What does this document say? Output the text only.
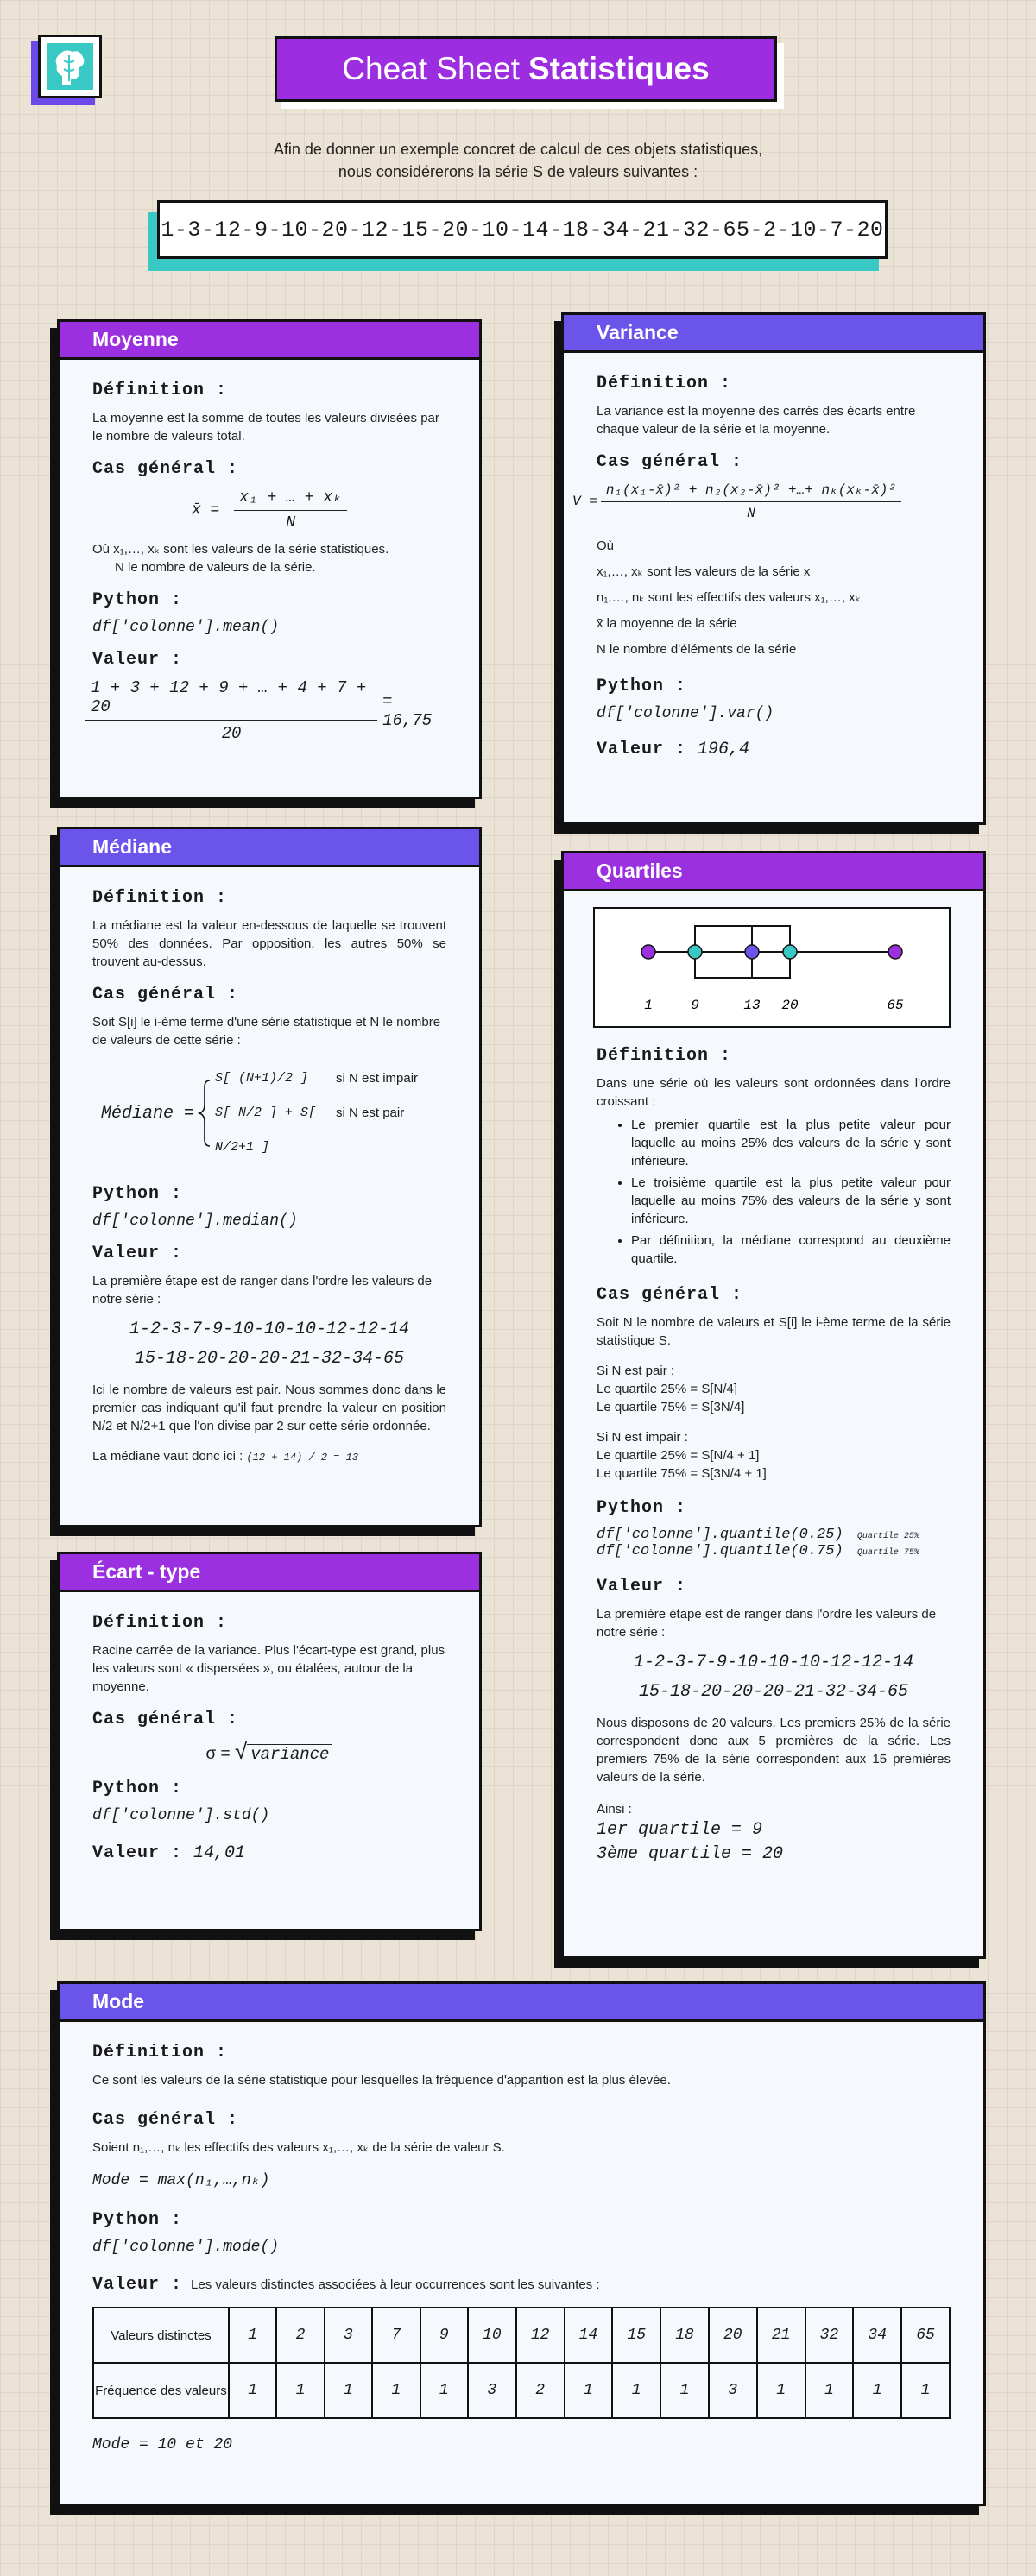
Cheat Sheet Statistiques
Afin de donner un exemple concret de calcul de ces objets statistiques,
nous considérerons la série S de valeurs suivantes :
1-3-12-9-10-20-12-15-20-10-14-18-34-21-32-65-2-10-7-20
Moyenne
Définition :
La moyenne est la somme de toutes les valeurs divisées par le nombre de valeurs total.
Cas général :
x̄ = $\frac{\text{x₁ + … + xₖ}}{N}$
Où x₁,…, xₖ sont les valeurs de la série statistiques.
N le nombre de valeurs de la série.
Python :
df['colonne'].mean()
Valeur :
$\frac{1 + 3 + 12 + 9 + \dots + 4 + 7 + 20}{20} = 16,75$
Variance
Définition :
La variance est la moyenne des carrés des écarts entre chaque valeur de la série et la moyenne.
Cas général :
$V = \frac{\text{n₁(x₁-x̄)² + n₂(x₂-x̄)² +…+ nₖ(xₖ-x̄)²}}{N}$
Où
x₁,…, xₖ sont les valeurs de la série x
n₁,…, nₖ sont les effectifs des valeurs x₁,…, xₖ
x̄ la moyenne de la série
N le nombre d'éléments de la série
Python :
df['colonne'].var()
Valeur : 196,4
Médiane
Définition :
La médiane est la valeur en-dessous de laquelle se trouvent 50% des données. Par opposition, les autres 50% se trouvent au-dessus.
Cas général :
Soit S[i] le i-ème terme d'une série statistique et N le nombre de valeurs de cette série :
Médiane =
S[ (N+1)/2 ]	si N est impair
S[ N/2 ] + S[ N/2+1 ]
si N est pair
Python :
df['colonne'].median()
Valeur :
La première étape est de ranger dans l'ordre les valeurs de notre série :
1-2-3-7-9-10-10-10-12-12-14
15-18-20-20-20-21-32-34-65
Ici le nombre de valeurs est pair. Nous sommes donc dans le premier cas indiquant qu'il faut prendre la valeur en position N/2 et N/2+1 que l'on divise par 2 sur cette série ordonnée.
La médiane vaut donc ici : (12 + 14) / 2 = 13
Quartiles
1	9	13 20	65
Définition :
Dans une série où les valeurs sont ordonnées dans l'ordre croissant :
• Le premier quartile est la plus petite valeur pour laquelle au moins 25% des valeurs de la série y sont inférieure.
• Le troisième quartile est la plus petite valeur pour laquelle au moins 75% des valeurs de la série y sont inférieure.
• Par définition, la médiane correspond au deuxième quartile.
Cas général :
Soit N le nombre de valeurs et S[i] le i-ème terme de la série statistique S.
Si N est pair :
Le quartile 25% = S[N/4]
Le quartile 75% = S[3N/4]
Si N est impair :
Le quartile 25% = S[N/4 + 1]
Le quartile 75% = S[3N/4 + 1]
Python :
df['colonne'].quantile(0.25) Quartile 25%
df['colonne'].quantile(0.75) Quartile 75%
Valeur :
La première étape est de ranger dans l'ordre les valeurs de notre série :
1-2-3-7-9-10-10-10-12-12-14
15-18-20-20-20-21-32-34-65
Nous disposons de 20 valeurs. Les premiers 25% de la série correspondent donc aux 5 premières de la série. Les premiers 75% de la série correspondent aux 15 premières valeurs de la série.
Ainsi :
1er quartile = 9
3ème quartile = 20
Écart - type
Définition :
Racine carrée de la variance. Plus l'écart-type est grand, plus les valeurs sont « dispersées », ou étalées, autour de la moyenne.
Cas général :
σ = √ variance
Python :
df['colonne'].std()
Valeur : 14,01
Mode
Définition :
Ce sont les valeurs de la série statistique pour lesquelles la fréquence d'apparition est la plus élevée.
Cas général :
Soient n₁,…, nₖ les effectifs des valeurs x₁,…, xₖ de la série de valeur S.
Mode = max(n₁,…,nₖ)
Python :
df['colonne'].mode()
Valeur : Les valeurs distinctes associées à leur occurrences sont les suivantes :
Valeurs distinctes	1	2	3	7	9	10	12	14	15	18	20	21	32	34	65
Fréquence des valeurs	1	1	1	1	1	3	2	1	1	1	3	1	1	1	1
Mode = 10 et 20
